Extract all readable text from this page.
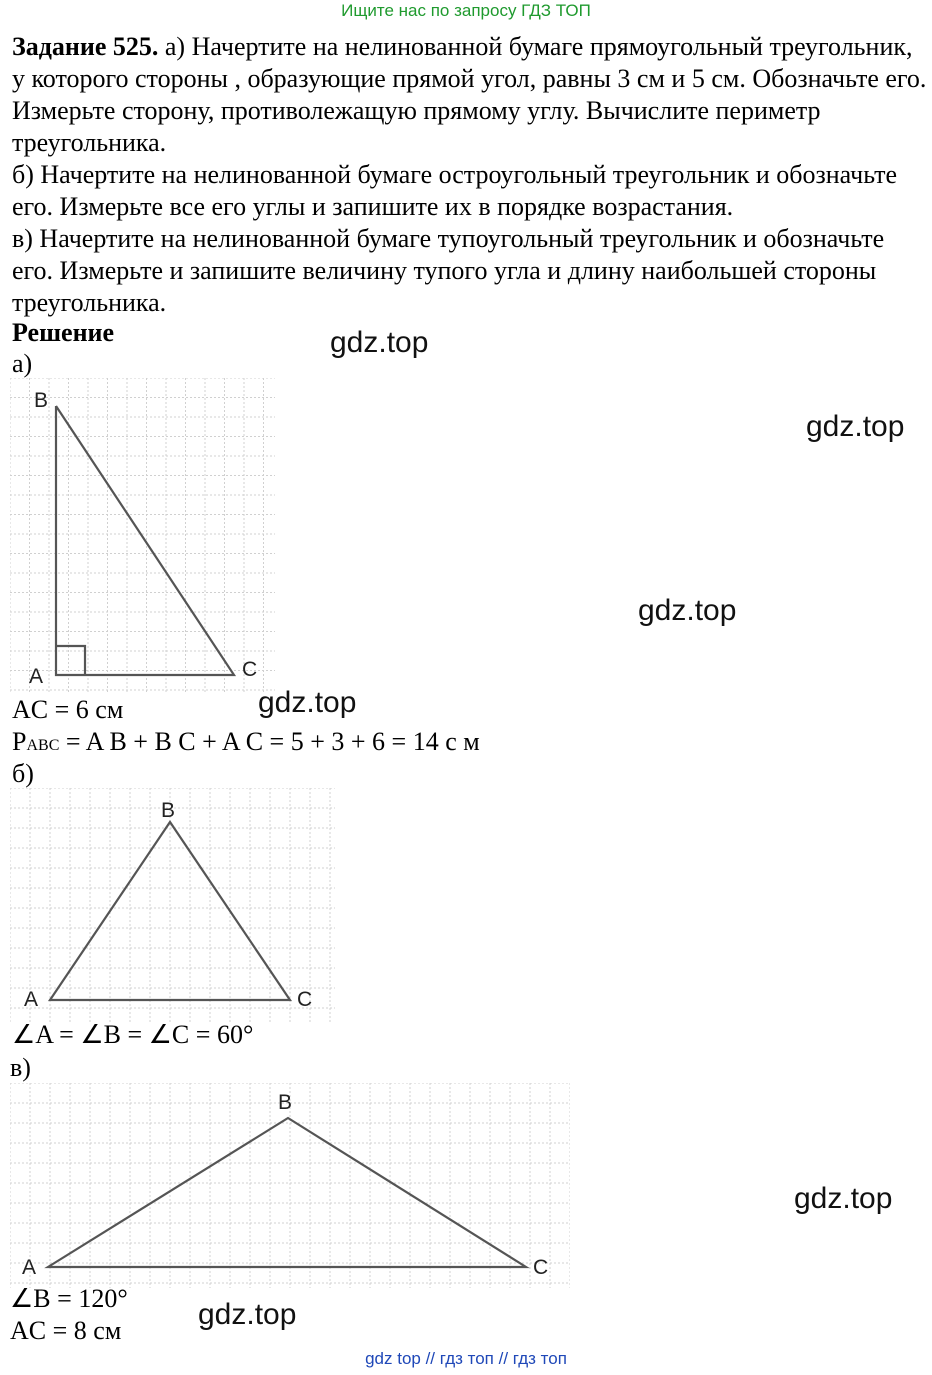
Ищите нас по запросу ГДЗ ТОП

Задание 525. а) Начертите на нелинованной бумаге прямоугольный треугольник, у которого стороны , образующие прямой угол, равны 3 см и 5 см. Обозначьте его. Измерьте сторону, противолежащую прямому углу. Вычислите периметр треугольника.

б) Начертите на нелинованной бумаге остроугольный треугольник и обозначьте его. Измерьте все его углы и запишите их в порядке возрастания.

в) Начертите на нелинованной бумаге тупоугольный треугольник и обозначьте его. Измерьте и запишите величину тупого угла и длину наибольшей стороны треугольника.

Решение	gdz.top
а)
B
A	C
gdz.top
gdz.top
gdz.top
AC = 6 см
PABC = A B + B C + A C = 5 + 3 + 6 = 14 с м
б)
B
A	C
∠A = ∠B = ∠C = 60°
в)
B
A	C
gdz.top
∠B = 120° gdz.top
AC = 8 см
gdz top // гдз топ // гдз топ
